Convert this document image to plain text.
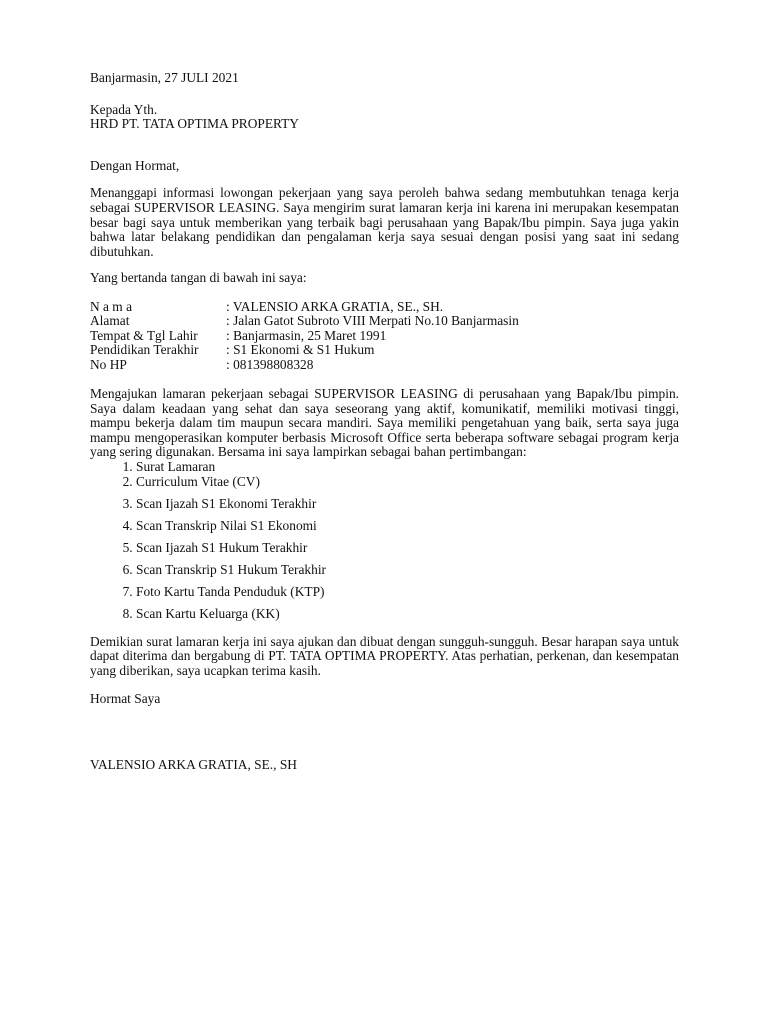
Banjarmasin, 27 JULI 2021

Kepada Yth.

HRD PT. TATA OPTIMA PROPERTY

Dengan Hormat,

Menanggapi informasi lowongan pekerjaan yang saya peroleh bahwa sedang membutuhkan tenaga kerja sebagai SUPERVISOR LEASING. Saya mengirim surat lamaran kerja ini karena ini merupakan kesempatan besar bagi saya untuk memberikan yang terbaik bagi perusahaan yang Bapak/Ibu pimpin. Saya juga yakin bahwa latar belakang pendidikan dan pengalaman kerja saya sesuai dengan posisi yang saat ini sedang dibutuhkan.

Yang bertanda tangan di bawah ini saya:

N a m a	: VALENSIO ARKA GRATIA, SE., SH.
Alamat	: Jalan Gatot Subroto VIII Merpati No.10 Banjarmasin
Tempat & Tgl Lahir	: Banjarmasin, 25 Maret 1991
Pendidikan Terakhir	: S1 Ekonomi & S1 Hukum
No HP	: 081398808328

Mengajukan lamaran pekerjaan sebagai SUPERVISOR LEASING di perusahaan yang Bapak/Ibu pimpin. Saya dalam keadaan yang sehat dan saya seseorang yang aktif, komunikatif, memiliki motivasi tinggi, mampu bekerja dalam tim maupun secara mandiri. Saya memiliki pengetahuan yang baik, serta saya juga mampu mengoperasikan komputer berbasis Microsoft Office serta beberapa software sebagai program kerja yang sering digunakan. Bersama ini saya lampirkan sebagai bahan pertimbangan:

1. Surat Lamaran
2. Curriculum Vitae (CV)
3. Scan Ijazah S1 Ekonomi Terakhir
4. Scan Transkrip Nilai S1 Ekonomi
5. Scan Ijazah S1 Hukum Terakhir
6. Scan Transkrip S1 Hukum Terakhir
7. Foto Kartu Tanda Penduduk (KTP)
8. Scan Kartu Keluarga (KK)

Demikian surat lamaran kerja ini saya ajukan dan dibuat dengan sungguh-sungguh. Besar harapan saya untuk dapat diterima dan bergabung di PT. TATA OPTIMA PROPERTY. Atas perhatian, perkenan, dan kesempatan yang diberikan, saya ucapkan terima kasih.

Hormat Saya

VALENSIO ARKA GRATIA, SE., SH
